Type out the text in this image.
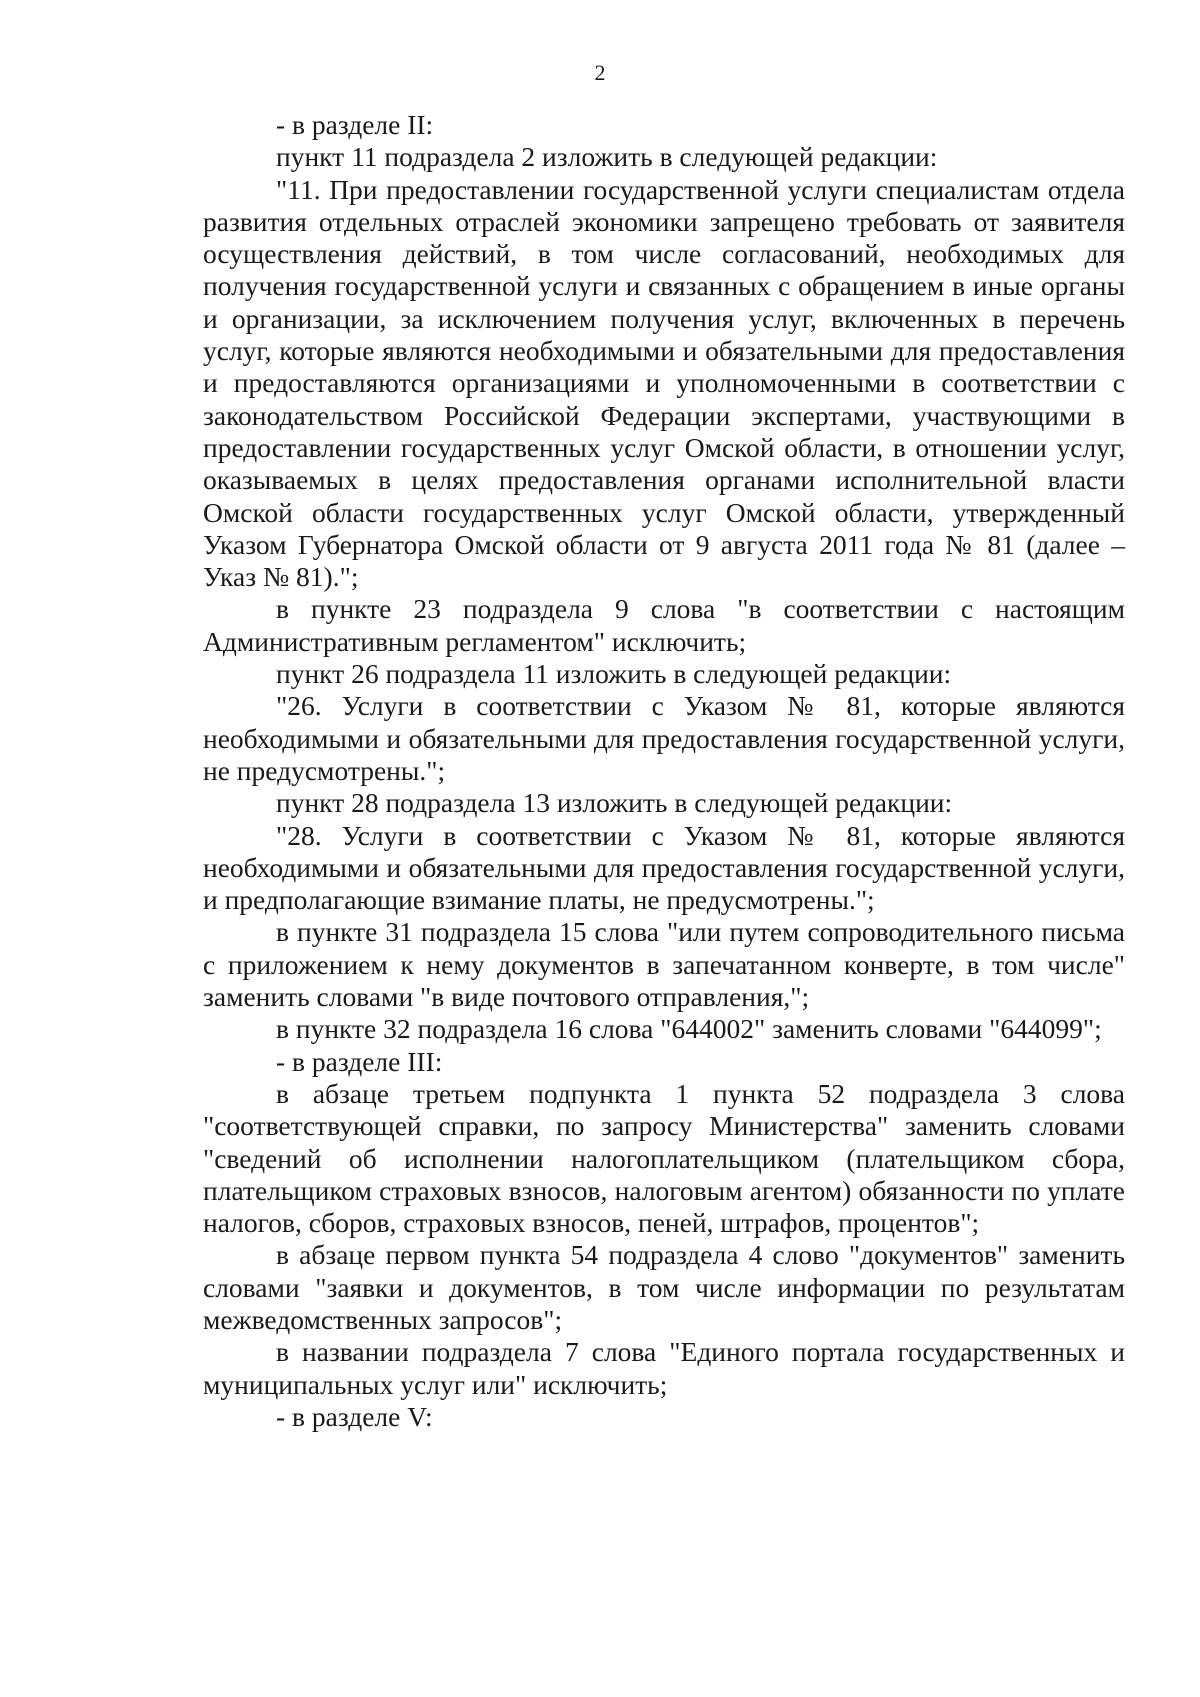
2

- в разделе II:

пункт 11 подраздела 2 изложить в следующей редакции:

"11. При предоставлении государственной услуги специалистам отдела развития отдельных отраслей экономики запрещено требовать от заявителя осуществления действий, в том числе согласований, необходимых для получения государственной услуги и связанных с обращением в иные органы и организации, за исключением получения услуг, включенных в перечень услуг, которые являются необходимыми и обязательными для предоставления и предоставляются организациями и уполномоченными в соответствии с законодательством Российской Федерации экспертами, участвующими в предоставлении государственных услуг Омской области, в отношении услуг, оказываемых в целях предоставления органами исполнительной власти Омской области государственных услуг Омской области, утвержденный Указом Губернатора Омской области от 9 августа 2011 года № 81 (далее – Указ № 81).";

в пункте 23 подраздела 9 слова "в соответствии с настоящим Административным регламентом" исключить;

пункт 26 подраздела 11 изложить в следующей редакции:

"26. Услуги в соответствии с Указом № 81, которые являются необходимыми и обязательными для предоставления государственной услуги, не предусмотрены.";

пункт 28 подраздела 13 изложить в следующей редакции:

"28. Услуги в соответствии с Указом № 81, которые являются необходимыми и обязательными для предоставления государственной услуги, и предполагающие взимание платы, не предусмотрены.";

в пункте 31 подраздела 15 слова "или путем сопроводительного письма с приложением к нему документов в запечатанном конверте, в том числе" заменить словами "в виде почтового отправления,";

в пункте 32 подраздела 16 слова "644002" заменить словами "644099";

- в разделе III:

в абзаце третьем подпункта 1 пункта 52 подраздела 3 слова "соответствующей справки, по запросу Министерства" заменить словами "сведений об исполнении налогоплательщиком (плательщиком сбора, плательщиком страховых взносов, налоговым агентом) обязанности по уплате налогов, сборов, страховых взносов, пеней, штрафов, процентов";

в абзаце первом пункта 54 подраздела 4 слово "документов" заменить словами "заявки и документов, в том числе информации по результатам межведомственных запросов";

в названии подраздела 7 слова "Единого портала государственных и муниципальных услуг или" исключить;

- в разделе V:
